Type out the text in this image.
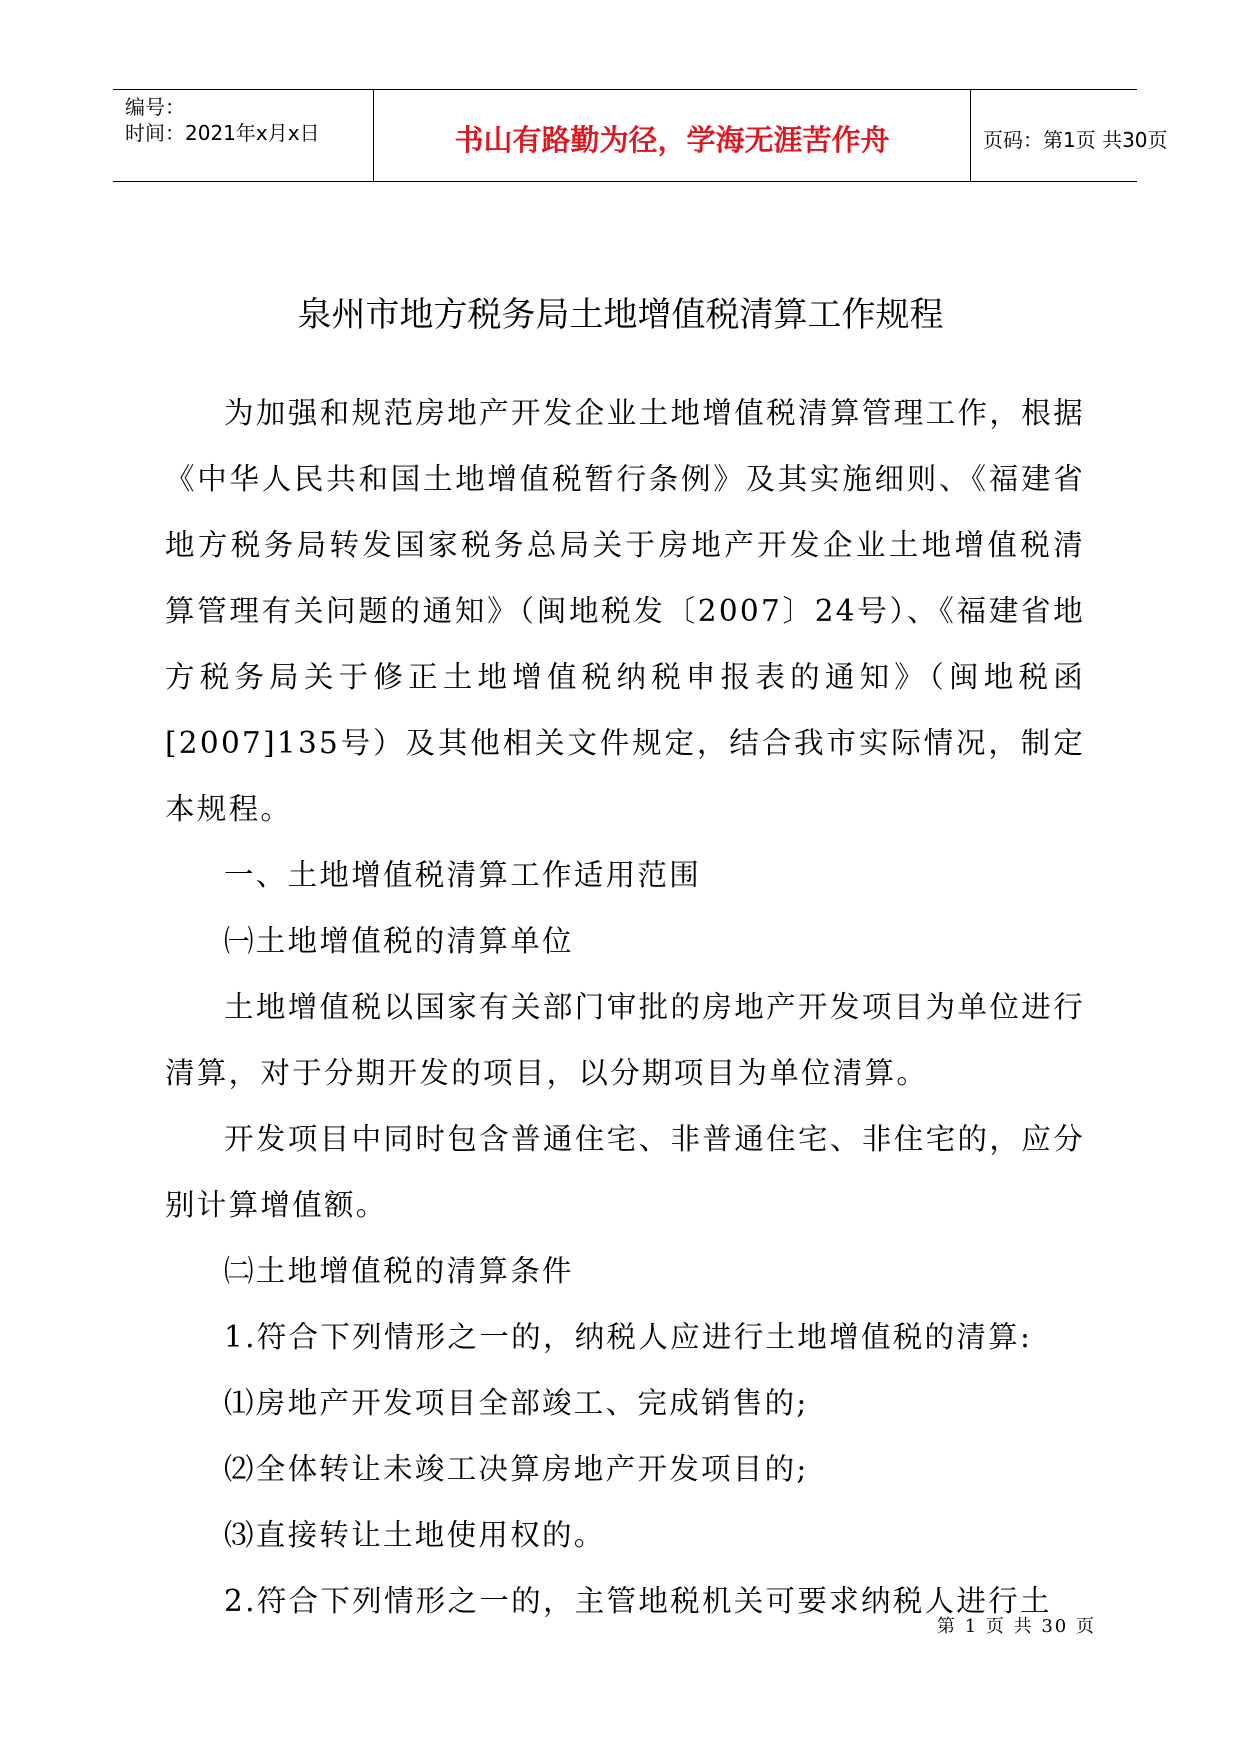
编号：
时间：2021年x月x日	书山有路勤为径，学海无涯苦作舟	页码：第1页 共30页
泉州市地方税务局土地增值税清算工作规程

为加强和规范房地产开发企业土地增值税清算管理工作，根据《中华人民共和国土地增值税暂行条例》及其实施细则、《福建省地方税务局转发国家税务总局关于房地产开发企业土地增值税清算管理有关问题的通知》（闽地税发〔2007〕24号）、《福建省地方税务局关于修正土地增值税纳税申报表的通知》（闽地税函[2007]135号）及其他相关文件规定，结合我市实际情况，制定本规程。

一、土地增值税清算工作适用范围

㈠土地增值税的清算单位

土地增值税以国家有关部门审批的房地产开发项目为单位进行清算，对于分期开发的项目，以分期项目为单位清算。

开发项目中同时包含普通住宅、非普通住宅、非住宅的，应分别计算增值额。

㈡土地增值税的清算条件

1.符合下列情形之一的，纳税人应进行土地增值税的清算:

⑴房地产开发项目全部竣工、完成销售的;

⑵全体转让未竣工决算房地产开发项目的;

⑶直接转让土地使用权的。

2.符合下列情形之一的，主管地税机关可要求纳税人进行土

第 1 页 共 30 页
